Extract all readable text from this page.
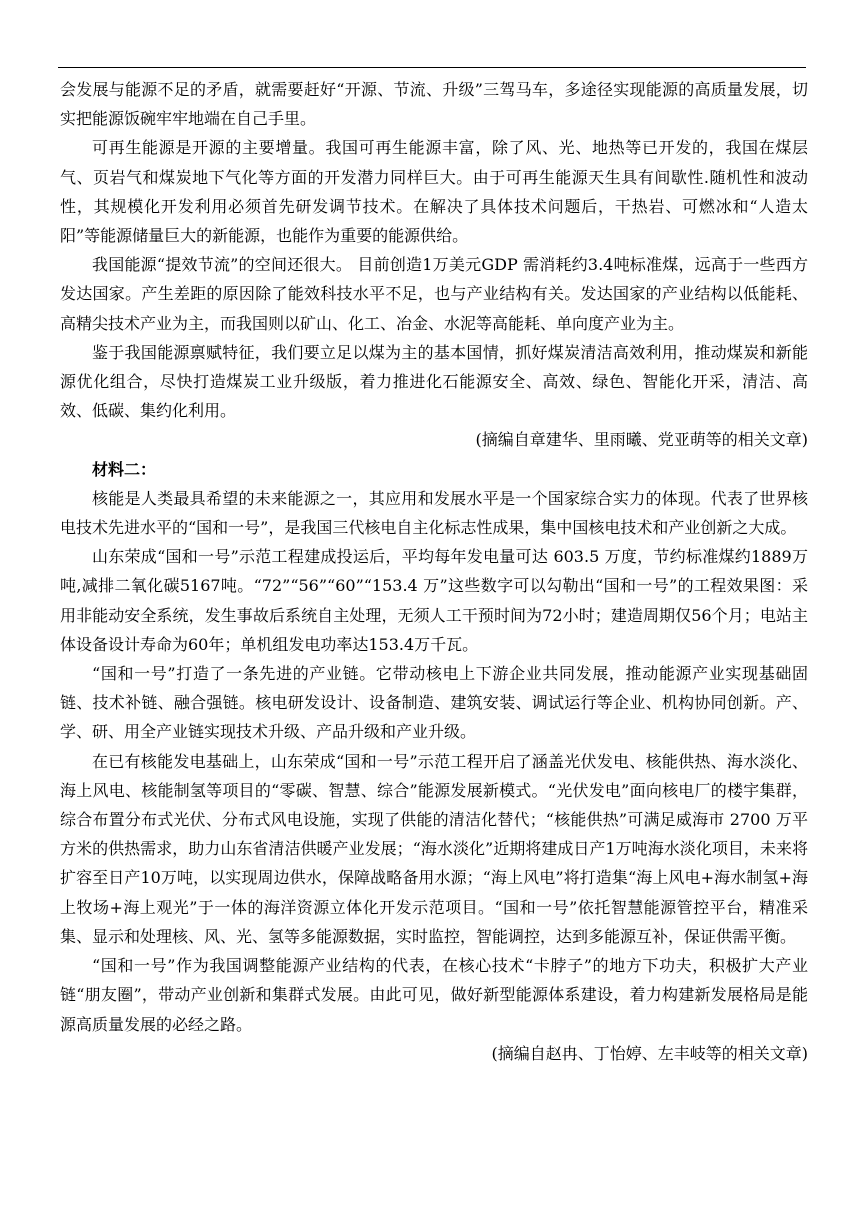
会发展与能源不足的矛盾，就需要赶好“开源、节流、升级”三驾马车，多途径实现能源的高质量发展，切实把能源饭碗牢牢地端在自己手里。

可再生能源是开源的主要增量。我国可再生能源丰富，除了风、光、地热等已开发的，我国在煤层气、页岩气和煤炭地下气化等方面的开发潜力同样巨大。由于可再生能源天生具有间歇性.随机性和波动性，其规模化开发利用必须首先研发调节技术。在解决了具体技术问题后，干热岩、可燃冰和“人造太阳”等能源储量巨大的新能源，也能作为重要的能源供给。

我国能源“提效节流”的空间还很大。 目前创造1万美元GDP 需消耗约3.4吨标准煤，远高于一些西方发达国家。产生差距的原因除了能效科技水平不足，也与产业结构有关。发达国家的产业结构以低能耗、高精尖技术产业为主，而我国则以矿山、化工、冶金、水泥等高能耗、单向度产业为主。

鉴于我国能源禀赋特征，我们要立足以煤为主的基本国情，抓好煤炭清洁高效利用，推动煤炭和新能源优化组合，尽快打造煤炭工业升级版，着力推进化石能源安全、高效、绿色、智能化开采，清洁、高效、低碳、集约化利用。

(摘编自章建华、里雨曦、党亚萌等的相关文章)

材料二：

核能是人类最具希望的未来能源之一，其应用和发展水平是一个国家综合实力的体现。代表了世界核电技术先进水平的“国和一号”，是我国三代核电自主化标志性成果，集中国核电技术和产业创新之大成。

山东荣成“国和一号”示范工程建成投运后，平均每年发电量可达 603.5 万度，节约标准煤约1889万吨,减排二氧化碳5167吨。“72”“56”“60”“153.4 万”这些数字可以勾勒出“国和一号”的工程效果图：采用非能动安全系统，发生事故后系统自主处理，无须人工干预时间为72小时；建造周期仅56个月；电站主体设备设计寿命为60年；单机组发电功率达153.4万千瓦。

“国和一号”打造了一条先进的产业链。它带动核电上下游企业共同发展，推动能源产业实现基础固链、技术补链、融合强链。核电研发设计、设备制造、建筑安装、调试运行等企业、机构协同创新。产、学、研、用全产业链实现技术升级、产品升级和产业升级。

在已有核能发电基础上，山东荣成“国和一号”示范工程开启了涵盖光伏发电、核能供热、海水淡化、海上风电、核能制氢等项目的“零碳、智慧、综合”能源发展新模式。“光伏发电”面向核电厂的楼宇集群，综合布置分布式光伏、分布式风电设施，实现了供能的清洁化替代；“核能供热”可满足威海市 2700 万平方米的供热需求，助力山东省清洁供暖产业发展；“海水淡化”近期将建成日产1万吨海水淡化项目，未来将扩容至日产10万吨，以实现周边供水，保障战略备用水源；“海上风电”将打造集“海上风电+海水制氢+海上牧场+海上观光”于一体的海洋资源立体化开发示范项目。“国和一号”依托智慧能源管控平台，精准采集、显示和处理核、风、光、氢等多能源数据，实时监控，智能调控，达到多能源互补，保证供需平衡。

“国和一号”作为我国调整能源产业结构的代表，在核心技术“卡脖子”的地方下功夫，积极扩大产业链“朋友圈”，带动产业创新和集群式发展。由此可见，做好新型能源体系建设，着力构建新发展格局是能源高质量发展的必经之路。

(摘编自赵冉、丁怡婷、左丰岐等的相关文章)
